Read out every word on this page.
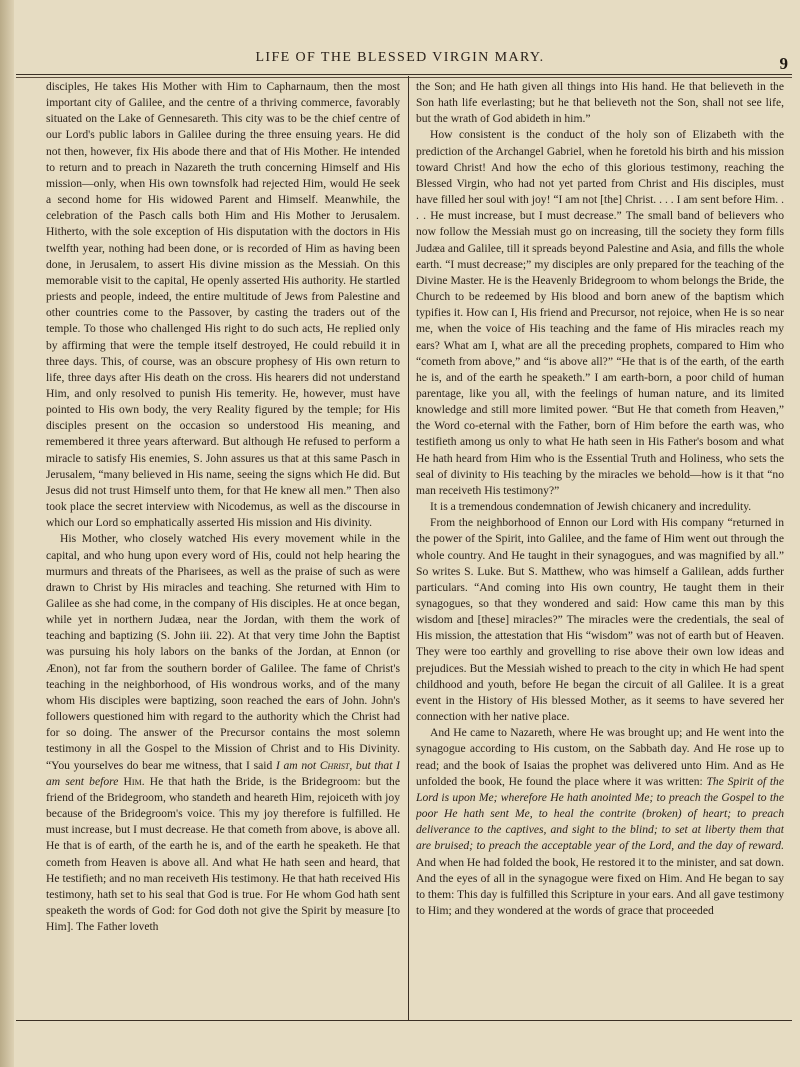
LIFE OF THE BLESSED VIRGIN MARY.	9

disciples, He takes His Mother with Him to Capharnaum, then the most important city of Galilee, and the centre of a thriving commerce, favorably situated on the Lake of Gennesareth. This city was to be the chief centre of our Lord's public labors in Galilee during the three ensuing years. He did not then, however, fix His abode there and that of His Mother. He intended to return and to preach in Nazareth the truth concerning Himself and His mission—only, when His own townsfolk had rejected Him, would He seek a second home for His widowed Parent and Himself. Meanwhile, the celebration of the Pasch calls both Him and His Mother to Jerusalem. Hitherto, with the sole exception of His disputation with the doctors in His twelfth year, nothing had been done, or is recorded of Him as having been done, in Jerusalem, to assert His divine mission as the Messiah. On this memorable visit to the capital, He openly asserted His authority. He startled priests and people, indeed, the entire multitude of Jews from Palestine and other countries come to the Passover, by casting the traders out of the temple. To those who challenged His right to do such acts, He replied only by affirming that were the temple itself destroyed, He could rebuild it in three days. This, of course, was an obscure prophesy of His own return to life, three days after His death on the cross. His hearers did not understand Him, and only resolved to punish His temerity. He, however, must have pointed to His own body, the very Reality figured by the temple; for His disciples present on the occasion so understood His meaning, and remembered it three years afterward. But although He refused to perform a miracle to satisfy His enemies, S. John assures us that at this same Pasch in Jerusalem, “many believed in His name, seeing the signs which He did. But Jesus did not trust Himself unto them, for that He knew all men.” Then also took place the secret interview with Nicodemus, as well as the discourse in which our Lord so emphatically asserted His mission and His divinity.

His Mother, who closely watched His every movement while in the capital, and who hung upon every word of His, could not help hearing the murmurs and threats of the Pharisees, as well as the praise of such as were drawn to Christ by His miracles and teaching. She returned with Him to Galilee as she had come, in the company of His disciples. He at once began, while yet in northern Judæa, near the Jordan, with them the work of teaching and baptizing (S. John iii. 22). At that very time John the Baptist was pursuing his holy labors on the banks of the Jordan, at Ennon (or Ænon), not far from the southern border of Galilee. The fame of Christ's teaching in the neighborhood, of His wondrous works, and of the many whom His disciples were baptizing, soon reached the ears of John. John's followers questioned him with regard to the authority which the Christ had for so doing. The answer of the Precursor contains the most solemn testimony in all the Gospel to the Mission of Christ and to His Divinity. “You yourselves do bear me witness, that I said I am not Christ, but that I am sent before Him. He that hath the Bride, is the Bridegroom: but the friend of the Bridegroom, who standeth and heareth Him, rejoiceth with joy because of the Bridegroom's voice. This my joy therefore is fulfilled. He must increase, but I must decrease. He that cometh from above, is above all. He that is of earth, of the earth he is, and of the earth he speaketh. He that cometh from Heaven is above all. And what He hath seen and heard, that He testifieth; and no man receiveth His testimony. He that hath received His testimony, hath set to his seal that God is true. For He whom God hath sent speaketh the words of God: for God doth not give the Spirit by measure [to Him]. The Father loveth

the Son; and He hath given all things into His hand. He that believeth in the Son hath life everlasting; but he that believeth not the Son, shall not see life, but the wrath of God abideth in him.”

How consistent is the conduct of the holy son of Elizabeth with the prediction of the Archangel Gabriel, when he foretold his birth and his mission toward Christ! And how the echo of this glorious testimony, reaching the Blessed Virgin, who had not yet parted from Christ and His disciples, must have filled her soul with joy! “I am not [the] Christ. . . . I am sent before Him. . . . He must increase, but I must decrease.” The small band of believers who now follow the Messiah must go on increasing, till the society they form fills Judæa and Galilee, till it spreads beyond Palestine and Asia, and fills the whole earth. “I must decrease;” my disciples are only prepared for the teaching of the Divine Master. He is the Heavenly Bridegroom to whom belongs the Bride, the Church to be redeemed by His blood and born anew of the baptism which typifies it. How can I, His friend and Precursor, not rejoice, when He is so near me, when the voice of His teaching and the fame of His miracles reach my ears? What am I, what are all the preceding prophets, compared to Him who “cometh from above,” and “is above all?” “He that is of the earth, of the earth he is, and of the earth he speaketh.” I am earth-born, a poor child of human parentage, like you all, with the feelings of human nature, and its limited knowledge and still more limited power. “But He that cometh from Heaven,” the Word co-eternal with the Father, born of Him before the earth was, who testifieth among us only to what He hath seen in His Father's bosom and what He hath heard from Him who is the Essential Truth and Holiness, who sets the seal of divinity to His teaching by the miracles we behold—how is it that “no man receiveth His testimony?”

It is a tremendous condemnation of Jewish chicanery and incredulity.

From the neighborhood of Ennon our Lord with His company “returned in the power of the Spirit, into Galilee, and the fame of Him went out through the whole country. And He taught in their synagogues, and was magnified by all.” So writes S. Luke. But S. Matthew, who was himself a Galilean, adds further particulars. “And coming into His own country, He taught them in their synagogues, so that they wondered and said: How came this man by this wisdom and [these] miracles?” The miracles were the credentials, the seal of His mission, the attestation that His “wisdom” was not of earth but of Heaven. They were too earthly and grovelling to rise above their own low ideas and prejudices. But the Messiah wished to preach to the city in which He had spent childhood and youth, before He began the circuit of all Galilee. It is a great event in the History of His blessed Mother, as it seems to have severed her connection with her native place.

And He came to Nazareth, where He was brought up; and He went into the synagogue according to His custom, on the Sabbath day. And He rose up to read; and the book of Isaias the prophet was delivered unto Him. And as He unfolded the book, He found the place where it was written: The Spirit of the Lord is upon Me; wherefore He hath anointed Me; to preach the Gospel to the poor He hath sent Me, to heal the contrite (broken) of heart; to preach deliverance to the captives, and sight to the blind; to set at liberty them that are bruised; to preach the acceptable year of the Lord, and the day of reward. And when He had folded the book, He restored it to the minister, and sat down. And the eyes of all in the synagogue were fixed on Him. And He began to say to them: This day is fulfilled this Scripture in your ears. And all gave testimony to Him; and they wondered at the words of grace that proceeded
